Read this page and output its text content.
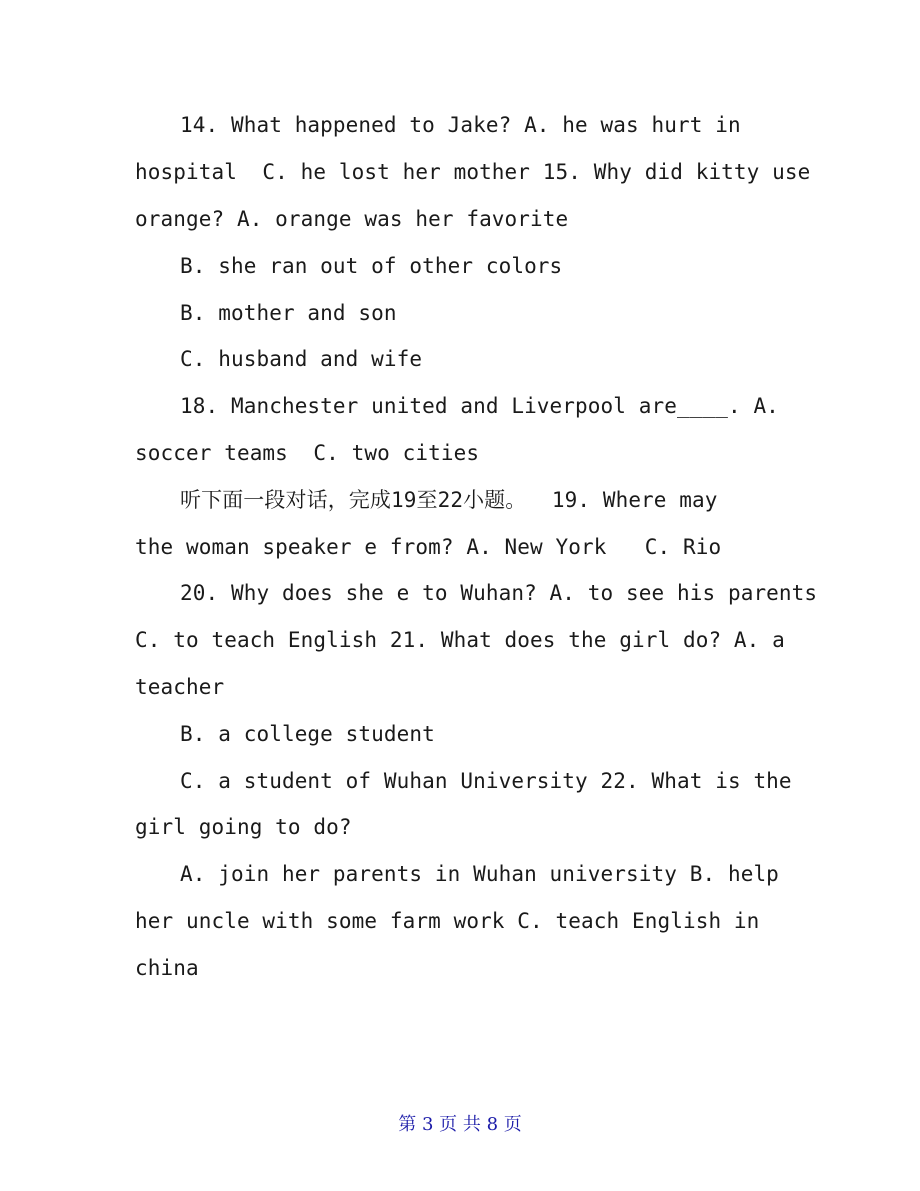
14. What happened to Jake? A. he was hurt in
hospital  C. he lost her mother 15. Why did kitty use
orange? A. orange was her favorite
B. she ran out of other colors
B. mother and son
C. husband and wife
18. Manchester united and Liverpool are____. A.
soccer teams  C. two cities
听下面一段对话，完成19至22小题。  19. Where may
the woman speaker e from? A. New York   C. Rio
20. Why does she e to Wuhan? A. to see his parents
C. to teach English 21. What does the girl do? A. a
teacher
B. a college student
C. a student of Wuhan University 22. What is the
girl going to do?
A. join her parents in Wuhan university B. help
her uncle with some farm work C. teach English in
china
第 3 页 共 8 页
